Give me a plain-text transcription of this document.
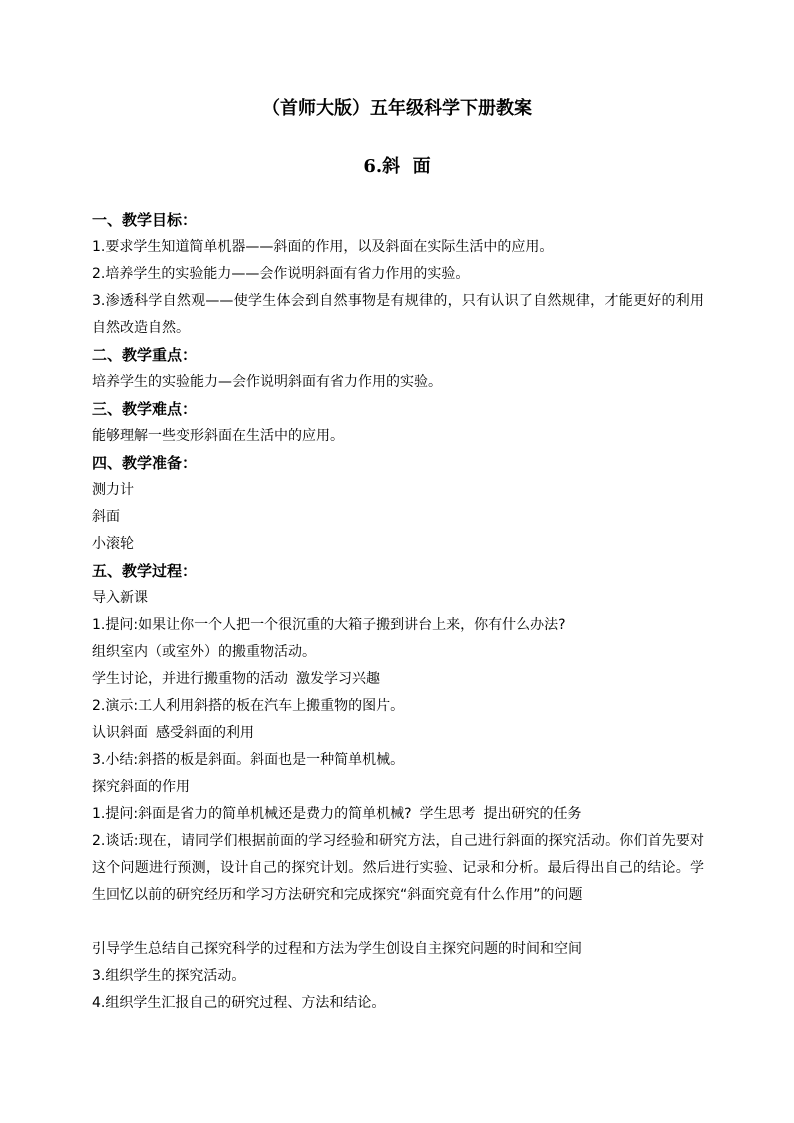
（首师大版）五年级科学下册教案
6.斜  面
一、教学目标：
1.要求学生知道简单机器——斜面的作用，以及斜面在实际生活中的应用。
2.培养学生的实验能力——会作说明斜面有省力作用的实验。
3.渗透科学自然观——使学生体会到自然事物是有规律的，只有认识了自然规律，才能更好的利用自然改造自然。
二、教学重点：
培养学生的实验能力—会作说明斜面有省力作用的实验。
三、教学难点：
能够理解一些变形斜面在生活中的应用。
四、教学准备：
测力计
斜面
小滚轮
五、教学过程：
导入新课
1.提问:如果让你一个人把一个很沉重的大箱子搬到讲台上来，你有什么办法?
组织室内（或室外）的搬重物活动。
学生讨论，并进行搬重物的活动 激发学习兴趣
2.演示:工人利用斜搭的板在汽车上搬重物的图片。
认识斜面 感受斜面的利用
3.小结:斜搭的板是斜面。斜面也是一种简单机械。
探究斜面的作用
1.提问:斜面是省力的简单机械还是费力的简单机械? 学生思考 提出研究的任务
2.谈话:现在，请同学们根据前面的学习经验和研究方法，自己进行斜面的探究活动。你们首先要对这个问题进行预测，设计自己的探究计划。然后进行实验、记录和分析。最后得出自己的结论。学生回忆以前的研究经历和学习方法研究和完成探究“斜面究竟有什么作用”的问题
引导学生总结自己探究科学的过程和方法为学生创设自主探究问题的时间和空间
3.组织学生的探究活动。
4.组织学生汇报自己的研究过程、方法和结论。
